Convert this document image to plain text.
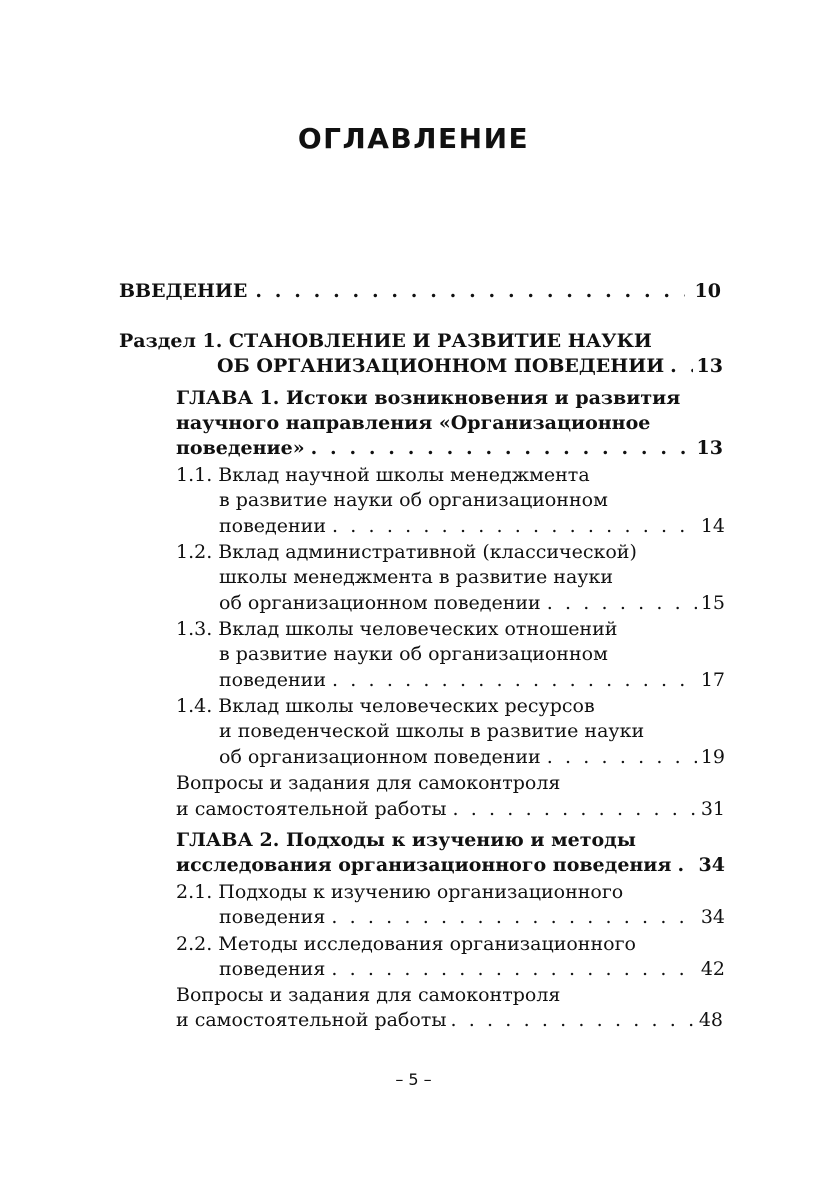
ОГЛАВЛЕНИЕ
ВВЕДЕНИЕ . . .	10
Раздел 1. СТАНОВЛЕНИЕ И РАЗВИТИЕ НАУКИ
ОБ ОРГАНИЗАЦИОННОМ ПОВЕДЕНИИ . . . 13
ГЛАВА 1. Истоки возникновения и развития
научного направления «Организационное
поведение» . . .	13
1.1. Вклад научной школы менеджмента
в развитие науки об организационном
поведении . . .	14
1.2. Вклад административной (классической)
школы менеджмента в развитие науки
об организационном поведении . . .	15
1.3. Вклад школы человеческих отношений
в развитие науки об организационном
поведении . . .	17
1.4. Вклад школы человеческих ресурсов
и поведенческой школы в развитие науки
об организационном поведении . . .	19
Вопросы и задания для самоконтроля
и самостоятельной работы . . .	31
ГЛАВА 2. Подходы к изучению и методы
исследования организационного поведения . . . 34
2.1. Подходы к изучению организационного
поведения . . .	34
2.2. Методы исследования организационного
поведения . . .	42
Вопросы и задания для самоконтроля
и самостоятельной работы . . .	48
– 5 –
